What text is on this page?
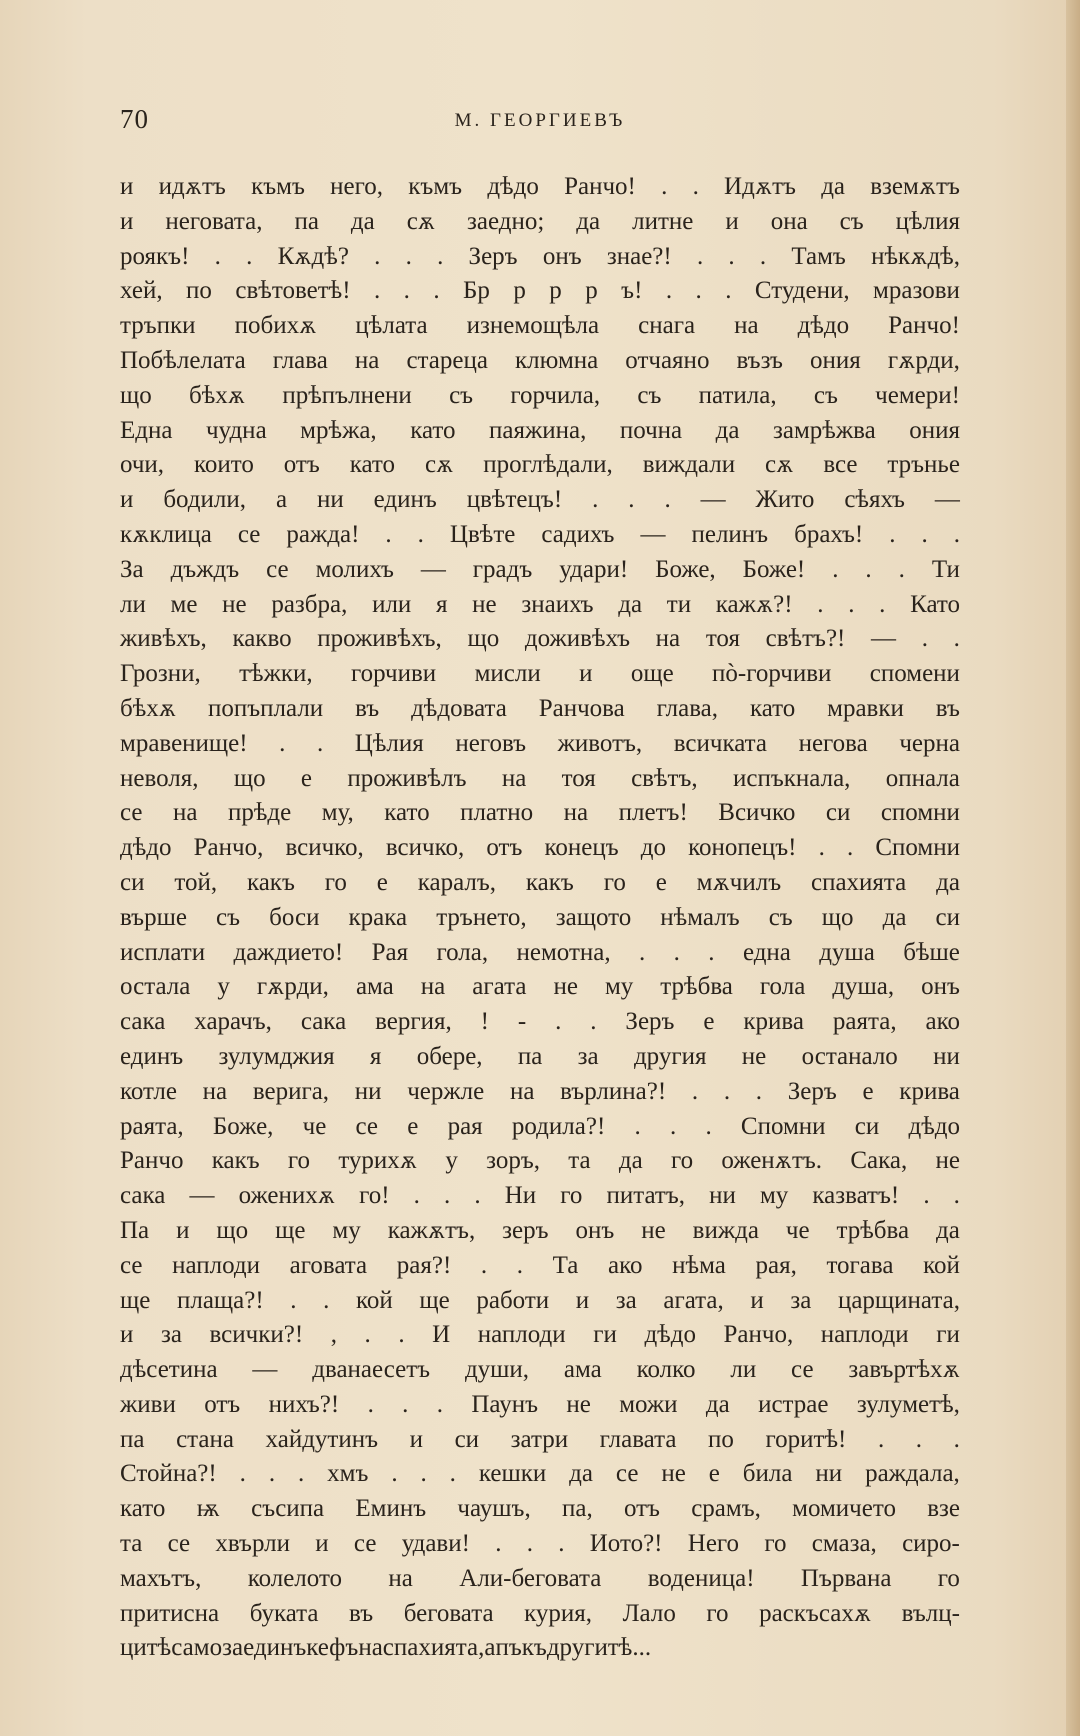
70	М. ГЕОРГИЕВЪ
и идѫтъ къмъ него, къмъ дѣдо Ранчо! . . Идѫтъ да вземѫтъ
и неговата, па да сѫ заедно; да литне и она съ цѣлия
роякъ! . . Кѫдѣ? . . . Зеръ онъ знае?! . . . Тамъ нѣкѫдѣ,
хей, по свѣтоветѣ! . . . Бр р р р ъ! . . . Студени, мразови
тръпки побихѫ цѣлата изнемощѣла снага на дѣдо Ранчо!
Побѣлелата глава на стареца клюмна отчаяно възъ ония гѫрди,
що бѣхѫ прѣпълнени съ горчила, съ патила, съ чемери!
Една чудна мрѣжа, като паяжина, почна да замрѣжва ония
очи, които отъ като сѫ проглѣдали, виждали сѫ все трънье
и бодили, а ни единъ цвѣтецъ! . . . — Жито сѣяхъ —
кѫклица се ражда! . . Цвѣте садихъ — пелинъ брахъ! . . .
За дъждъ се молихъ — градъ удари! Боже, Боже! . . . Ти
ли ме не разбра, или я не знаихъ да ти кажѫ?! . . . Като
живѣхъ, какво проживѣхъ, що доживѣхъ на тоя свѣтъ?! — . .
Грозни, тѣжки, горчиви мисли и още пò-горчиви спомени
бѣхѫ попъплали въ дѣдовата Ранчова глава, като мравки въ
мравенище! . . Цѣлия неговъ животъ, всичката негова черна
неволя, що е проживѣлъ на тоя свѣтъ, испъкнала, опнала
се на прѣде му, като платно на плетъ! Всичко си спомни
дѣдо Ранчо, всичко, всичко, отъ конецъ до конопецъ! . . Спомни
си той, какъ го е каралъ, какъ го е мѫчилъ спахията да
върше съ боси крака трънето, защото нѣмалъ съ що да си
исплати даждието! Рая гола, немотна, . . . една душа бѣше
остала у гѫрди, ама на агата не му трѣбва гола душа, онъ
сака харачъ, сака вергия, ! - . . Зеръ е крива раята, ако
единъ зулумджия я обере, па за другия не останало ни
котле на верига, ни чержле на върлина?! . . . Зеръ е крива
раята, Боже, че се е рая родила?! . . . Спомни си дѣдо
Ранчо какъ го турихѫ у зоръ, та да го оженѫтъ. Сака, не
сака — оженихѫ го! . . . Ни го питатъ, ни му казватъ! . .
Па и що ще му кажѫтъ, зеръ онъ не вижда че трѣбва да
се наплоди аговата рая?! . . Та ако нѣма рая, тогава кой
ще плаща?! . . кой ще работи и за агата, и за царщината,
и за всички?! , . . И наплоди ги дѣдо Ранчо, наплоди ги
дѣсетина — дванаесетъ души, ама колко ли се завъртѣхѫ
живи отъ нихъ?! . . . Паунъ не можи да истрае зулуметѣ,
па стана хайдутинъ и си затри главата по горитѣ! . . .
Стойна?! . . . хмъ . . . кешки да се не е била ни раждала,
като ѭ съсипа Еминъ чаушъ, па, отъ срамъ, момичето взе
та се хвърли и се удави! . . . Иото?! Него го смаза, сиро-
махътъ, колелото на Али-беговата воденица! Първана го
притисна буката въ беговата курия, Лало го раскъсахѫ вълц-
цитѣ само за единъ кефъ на спахията, а пъкъ другитѣ . . .
